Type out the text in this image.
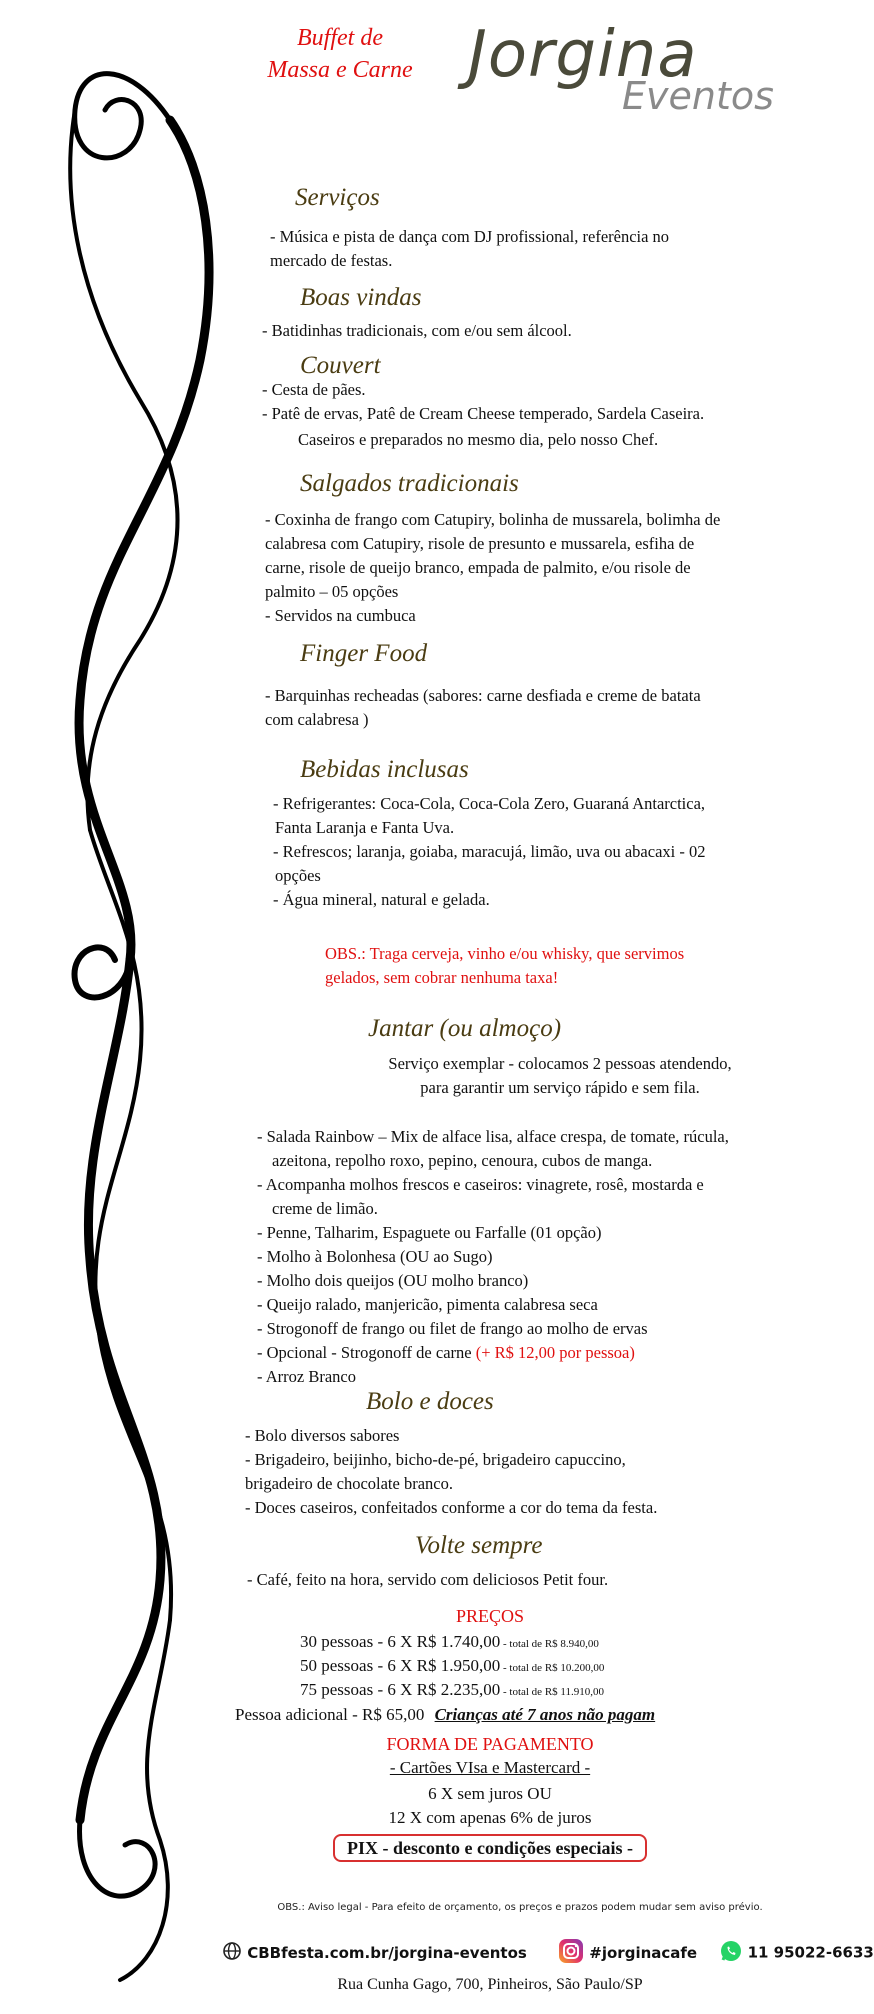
Buffet de
Massa e Carne Jorgina
Eventos
Serviços
- Música e pista de dança com DJ profissional, referência no
mercado de festas.
Boas vindas
- Batidinhas tradicionais, com e/ou sem álcool.
Couvert
- Cesta de pães.
- Patê de ervas, Patê de Cream Cheese temperado, Sardela Caseira.
Caseiros e preparados no mesmo dia, pelo nosso Chef.
Salgados tradicionais
- Coxinha de frango com Catupiry, bolinha de mussarela, bolimha de
calabresa com Catupiry, risole de presunto e mussarela, esfiha de
carne, risole de queijo branco, empada de palmito, e/ou risole de
palmito – 05 opções
- Servidos na cumbuca
Finger Food
- Barquinhas recheadas (sabores: carne desfiada e creme de batata
com calabresa )
Bebidas inclusas
- Refrigerantes: Coca-Cola, Coca-Cola Zero, Guaraná Antarctica,
Fanta Laranja e Fanta Uva.
- Refrescos; laranja, goiaba, maracujá, limão, uva ou abacaxi - 02
opções
- Água mineral, natural e gelada.
OBS.: Traga cerveja, vinho e/ou whisky, que servimos
gelados, sem cobrar nenhuma taxa!
Jantar (ou almoço)
Serviço exemplar - colocamos 2 pessoas atendendo,
para garantir um serviço rápido e sem fila.
- Salada Rainbow – Mix de alface lisa, alface crespa, de tomate, rúcula,
azeitona, repolho roxo, pepino, cenoura, cubos de manga.
- Acompanha molhos frescos e caseiros: vinagrete, rosê, mostarda e
creme de limão.
- Penne, Talharim, Espaguete ou Farfalle (01 opção)
- Molho à Bolonhesa (OU ao Sugo)
- Molho dois queijos (OU molho branco)
- Queijo ralado, manjericão, pimenta calabresa seca
- Strogonoff de frango ou filet de frango ao molho de ervas
- Opcional - Strogonoff de carne (+ R$ 12,00 por pessoa)
- Arroz Branco
Bolo e doces
- Bolo diversos sabores
- Brigadeiro, beijinho, bicho-de-pé, brigadeiro capuccino,
brigadeiro de chocolate branco.
- Doces caseiros, confeitados conforme a cor do tema da festa.
Volte sempre
- Café, feito na hora, servido com deliciosos Petit four.
PREÇOS
30 pessoas - 6 X R$ 1.740,00 - total de R$ 8.940,00
50 pessoas - 6 X R$ 1.950,00 - total de R$ 10.200,00
75 pessoas - 6 X R$ 2.235,00 - total de R$ 11.910,00
Pessoa adicional - R$ 65,00 Crianças até 7 anos não pagam
FORMA DE PAGAMENTO
- Cartões VIsa e Mastercard -
6 X sem juros OU
12 X com apenas 6% de juros
PIX - desconto e condições especiais -
OBS.: Aviso legal - Para efeito de orçamento, os preços e prazos podem mudar sem aviso prévio.
CBBfesta.com.br/jorgina-eventos	#jorginacafe	11 95022-6633
Rua Cunha Gago, 700, Pinheiros, São Paulo/SP
